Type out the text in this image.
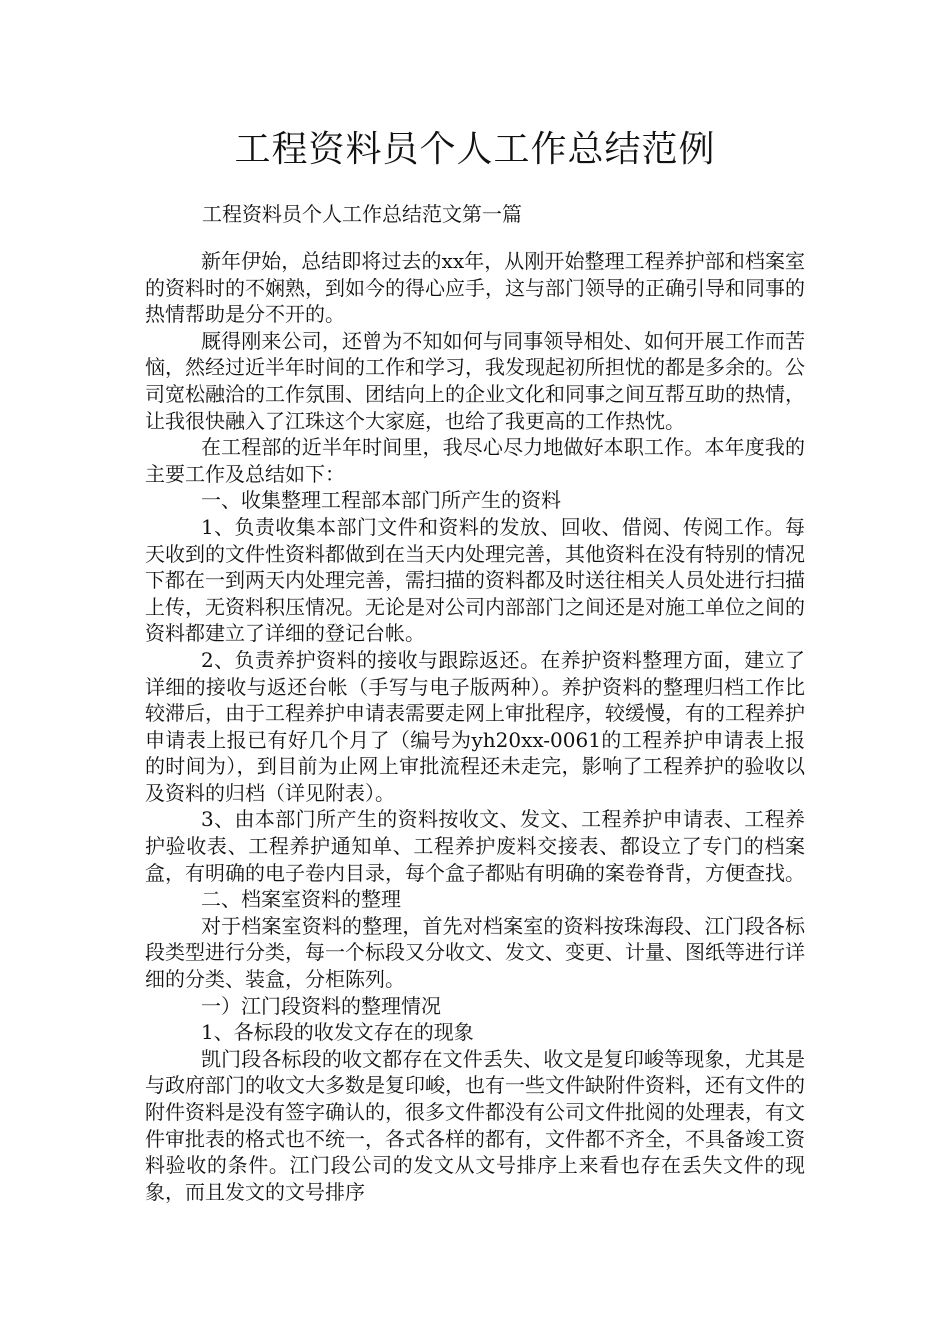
工程资料员个人工作总结范例
工程资料员个人工作总结范文第一篇

新年伊始，总结即将过去的xx年，从刚开始整理工程养护部和档案室的资料时的不娴熟，到如今的得心应手，这与部门领导的正确引导和同事的热情帮助是分不开的。

厩得刚来公司，还曾为不知如何与同事领导相处、如何开展工作而苦恼，然经过近半年时间的工作和学习，我发现起初所担忧的都是多余的。公司宽松融洽的工作氛围、团结向上的企业文化和同事之间互帮互助的热情，让我很快融入了江珠这个大家庭，也给了我更高的工作热忱。

在工程部的近半年时间里，我尽心尽力地做好本职工作。本年度我的主要工作及总结如下：

一、收集整理工程部本部门所产生的资料

1、负责收集本部门文件和资料的发放、回收、借阅、传阅工作。每天收到的文件性资料都做到在当天内处理完善，其他资料在没有特别的情况下都在一到两天内处理完善，需扫描的资料都及时送往相关人员处进行扫描上传，无资料积压情况。无论是对公司内部部门之间还是对施工单位之间的资料都建立了详细的登记台帐。

2、负责养护资料的接收与跟踪返还。在养护资料整理方面，建立了详细的接收与返还台帐（手写与电子版两种）。养护资料的整理归档工作比较滞后，由于工程养护申请表需要走网上审批程序，较缓慢，有的工程养护申请表上报已有好几个月了（编号为yh20xx-0061的工程养护申请表上报的时间为），到目前为止网上审批流程还未走完，影响了工程养护的验收以及资料的归档（详见附表）。

3、由本部门所产生的资料按收文、发文、工程养护申请表、工程养护验收表、工程养护通知单、工程养护废料交接表、都设立了专门的档案盒，有明确的电子卷内目录，每个盒子都贴有明确的案卷脊背，方便查找。

二、档案室资料的整理

对于档案室资料的整理，首先对档案室的资料按珠海段、江门段各标段类型进行分类，每一个标段又分收文、发文、变更、计量、图纸等进行详细的分类、装盒，分柜陈列。

一）江门段资料的整理情况

1、各标段的收发文存在的现象

凯门段各标段的收文都存在文件丢失、收文是复印峻等现象，尤其是与政府部门的收文大多数是复印峻，也有一些文件缺附件资料，还有文件的附件资料是没有签字确认的，很多文件都没有公司文件批阅的处理表，有文件审批表的格式也不统一，各式各样的都有，文件都不齐全，不具备竣工资料验收的条件。江门段公司的发文从文号排序上来看也存在丢失文件的现象，而且发文的文号排序
